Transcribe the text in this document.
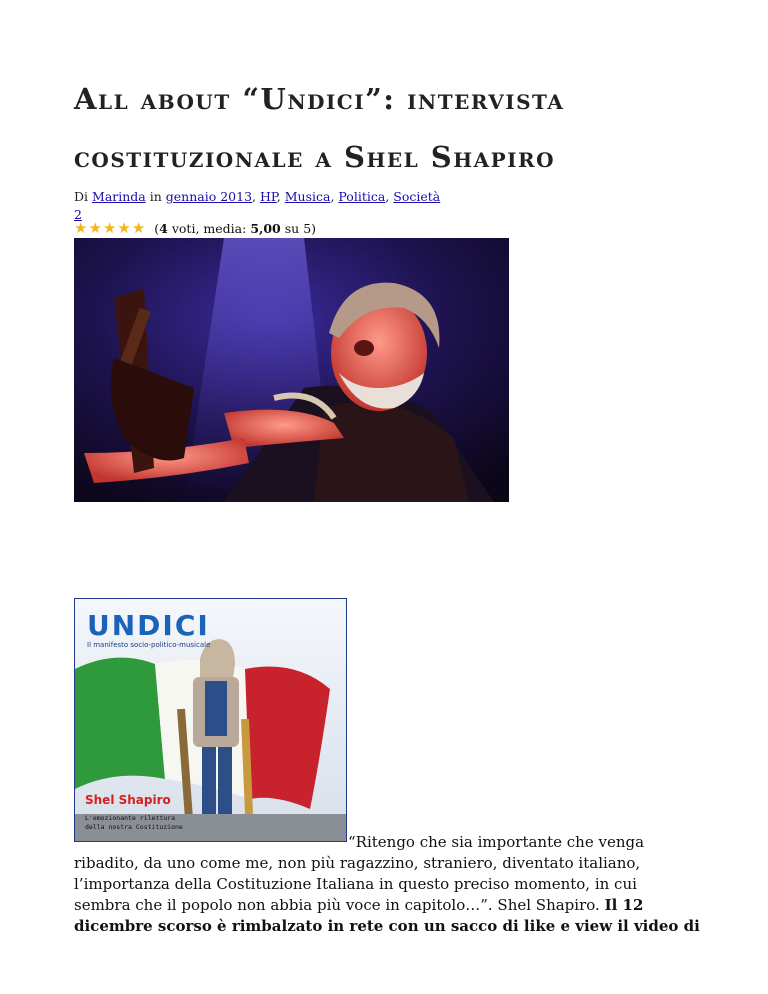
All about “Undici”: intervista costituzionale a Shel Shapiro
Di Marinda in gennaio 2013, HP, Musica, Politica, Società
2
★ ★ ★ ★ ★ (4 voti, media: 5,00 su 5)
UNDICI
Il manifesto socio-politico-musicale
Shel Shapiro
L'emozionante rilettura
della nostra Costituzione
“Ritengo che sia importante che venga
ribadito, da uno come me, non più ragazzino, straniero, diventato italiano,
l’importanza della Costituzione Italiana in questo preciso momento, in cui
sembra che il popolo non abbia più voce in capitolo…”. Shel Shapiro. Il 12
dicembre scorso è rimbalzato in rete con un sacco di like e view il video di
